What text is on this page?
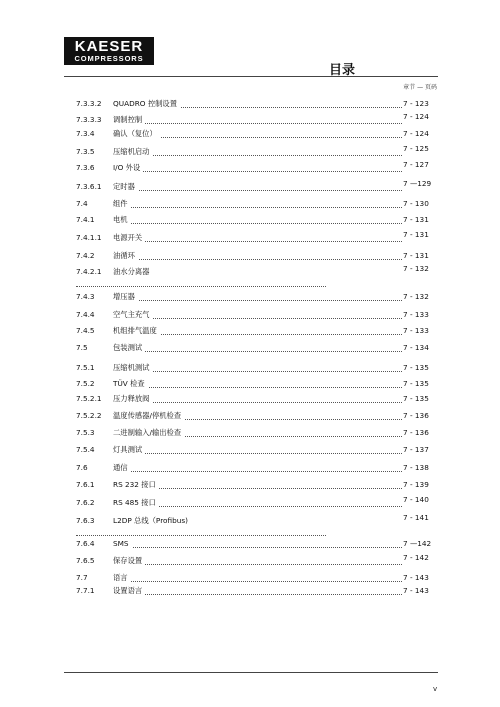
KAESER
COMPRESSORS
目录
章节 — 页码
7.3.3.2 QUADRO 控制设置	7 - 123
7.3.3.3 调制控制	7 - 124
7.3.4	确认（复位）	7 - 124
7.3.5	压缩机启动	7 - 125
7.3.6	I/O 外设	7 - 127
7.3.6.1 定时器	7 —129
7.4	组件	7 - 130
7.4.1	电机	7 - 131
7.4.1.1 电源开关	7 - 131
7.4.2	油循环	7 - 131
7.4.2.1 油水分离器	7 - 132
7.4.3	增压器	7 - 132
7.4.4	空气主充气	7 - 133
7.4.5	机组排气温度	7 - 133
7.5	包装测试	7 - 134
7.5.1	压缩机测试	7 - 135
7.5.2	TÜV 检查	7 - 135
7.5.2.1 压力释放阀	7 - 135
7.5.2.2 温度传感器/停机检查	7 - 136
7.5.3	二进制输入/输出检查	7 - 136
7.5.4	灯具测试	7 - 137
7.6	通信	7 - 138
7.6.1	RS 232 接口	7 - 139
7.6.2	RS 485 接口	7 - 140
7.6.3	L2DP 总线（Profibus)	7 - 141
7.6.4	SMS	7 —142
7.6.5	保存设置	7 - 142
7.7	语言	7 - 143
7.7.1	设置语言	7 - 143
v
